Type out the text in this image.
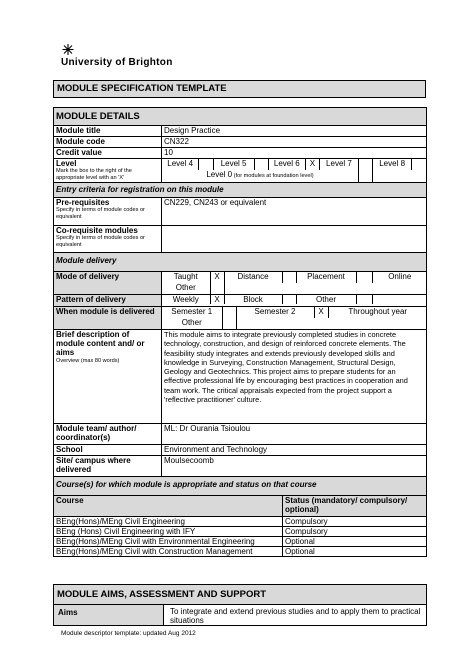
University of Brighton
MODULE SPECIFICATION TEMPLATE
MODULE DETAILS
Module title	Design Practice
Module code	CN322
Credit value	10

Level
Mark the box to the right of the appropriate level with an 'X'

Level 4		Level 5		Level 6	X	Level 7		Level 8	
Level 0 (for modules at foundation level)		

Entry criteria for registration on this module

Pre-requisites
Specify in terms of module codes or equivalent
	CN229, CN243 or equivalent

Co-requisite modules
Specify in terms of module codes or equivalent

Module delivery
Mode of delivery		Taught	X	Distance		Placement		Online
Other		

Pattern of delivery		Weekly	X	Block		Other		

When module is delivered	Semester 1		Semester 2	X	Throughout year
Other		

Brief description of module content and/ or aims
Overview (max 80 words)
	This module aims to integrate previously completed studies in concrete technology, construction, and design of reinforced concrete elements. The feasibility study integrates and extends previously developed skills and knowledge in Surveying, Construction Management, Structural Design, Geology and Geotechnics. This project aims to prepare students for an effective professional life by encouraging best practices in cooperation and team work. The critical appraisals expected from the project support a 'reflective practitioner' culture.
Module team/ author/ coordinator(s)	ML: Dr Ourania Tsioulou
School	Environment and Technology
Site/ campus where delivered	Moulsecoomb
Course(s) for which module is appropriate and status on that course
Course	Status (mandatory/ compulsory/ optional)
BEng(Hons)/MEng Civil Engineering	Compulsory
BEng (Hons) Civil Engineering with IFY	Compulsory
BEng(Hons)/MEng Civil with Environmental Engineering	Optional
BEng(Hons)/MEng Civil with Construction Management	Optional
MODULE AIMS, ASSESSMENT AND SUPPORT
Aims	To integrate and extend previous studies and to apply them to practical situations
Module descriptor template: updated Aug 2012
